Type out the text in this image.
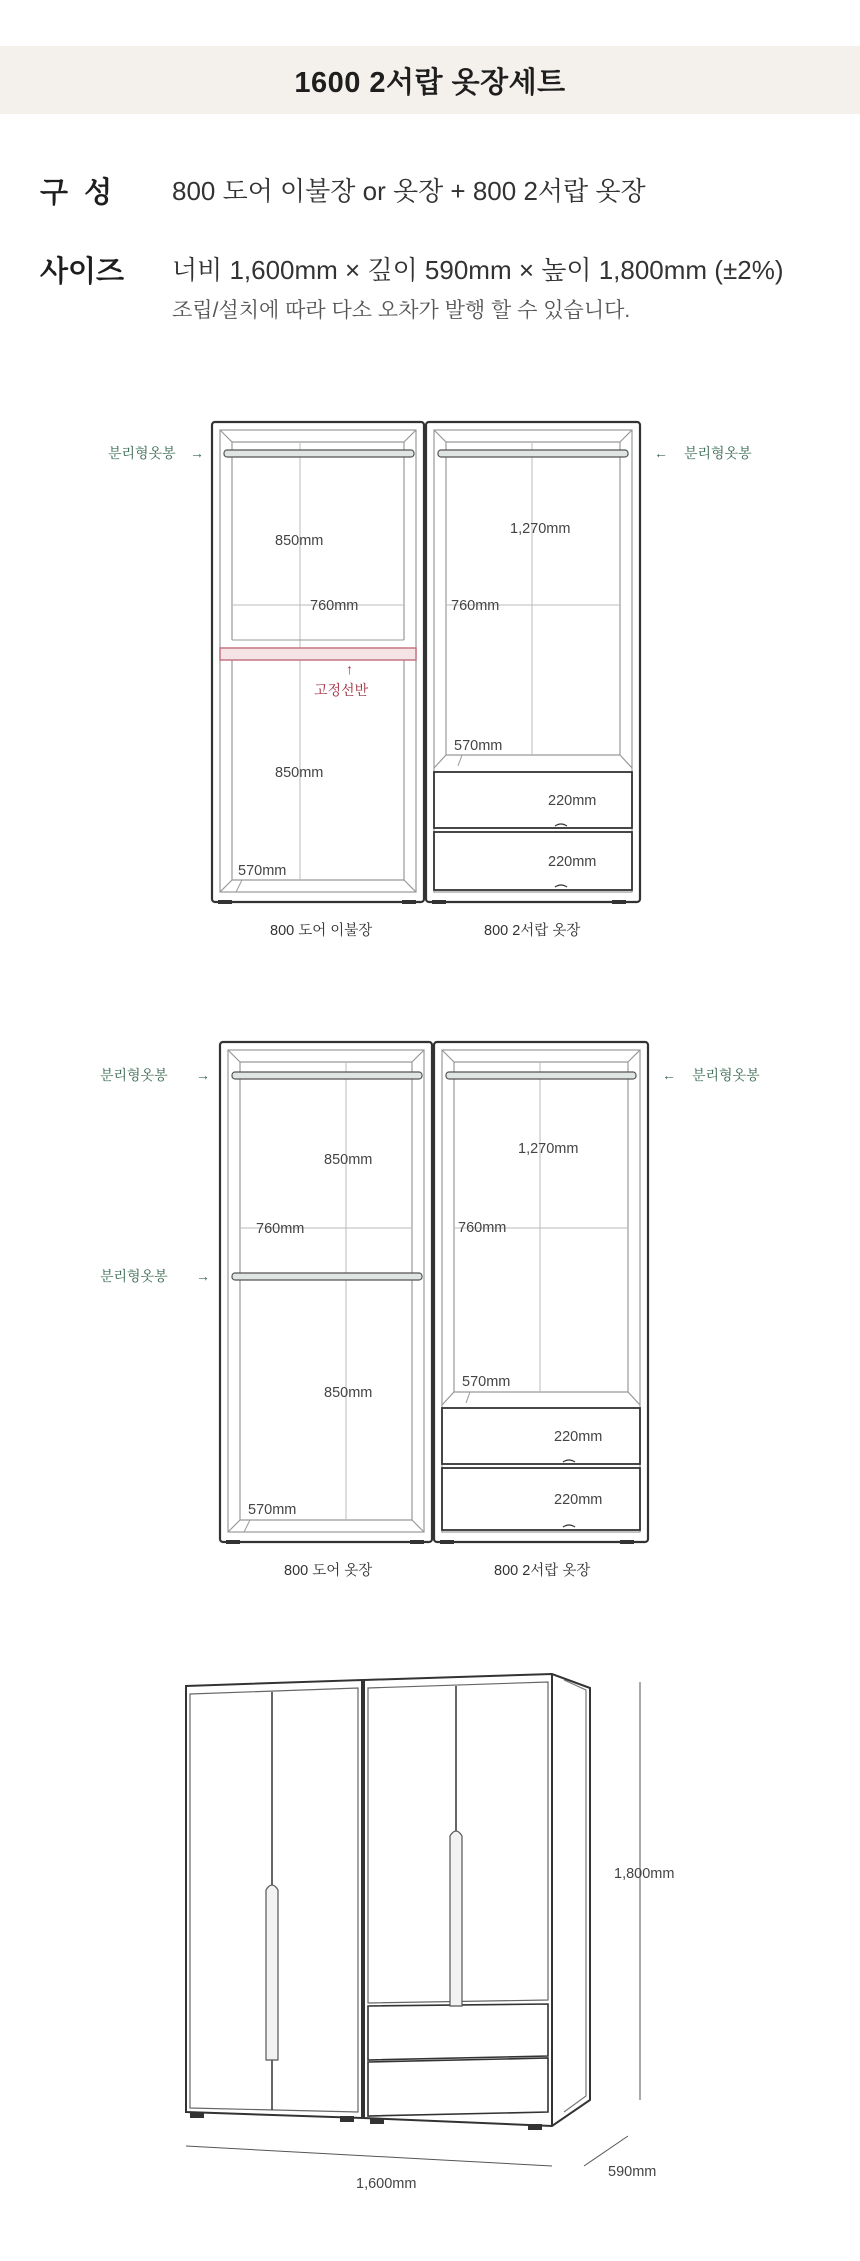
1600 2서랍 옷장세트
구  성 800 도어 이불장 or 옷장 + 800 2서랍 옷장
사이즈 너비 1,600mm × 깊이 590mm × 높이 1,800mm (±2%)
조립/설치에 따라 다소 오차가 발행 할 수 있습니다.
분리형옷봉 →	← 분리형옷봉
850mm
760mm
↑
고정선반
850mm
570mm
1,270mm
760mm
570mm
220mm
220mm
800 도어 이불장	800 2서랍 옷장
분리형옷봉 →
분리형옷봉 →
← 분리형옷봉
850mm
760mm
850mm
570mm
1,270mm
760mm
570mm
220mm
220mm
800 도어 옷장	800 2서랍 옷장
1,800mm
1,600mm
590mm
